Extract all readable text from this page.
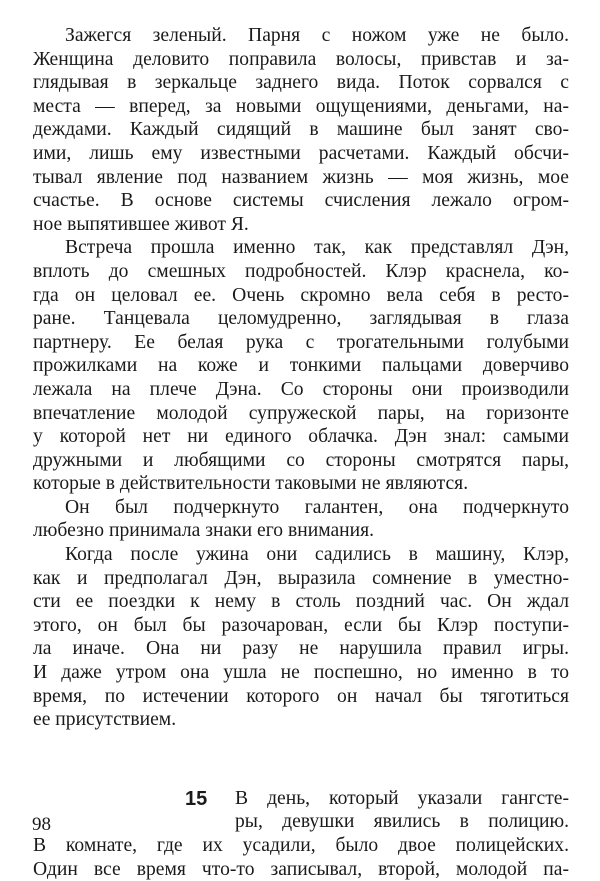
Зажегся зеленый. Парня с ножом уже не было.
Женщина деловито поправила волосы, привстав и за-
глядывая в зеркальце заднего вида. Поток сорвался с
места — вперед, за новыми ощущениями, деньгами, на-
деждами. Каждый сидящий в машине был занят сво-
ими, лишь ему известными расчетами. Каждый обсчи-
тывал явление под названием жизнь — моя жизнь, мое
счастье. В основе системы счисления лежало огром-
ное выпятившее живот Я.
Встреча прошла именно так, как представлял Дэн,
вплоть до смешных подробностей. Клэр краснела, ко-
гда он целовал ее. Очень скромно вела себя в ресто-
ране. Танцевала целомудренно, заглядывая в глаза
партнеру. Ее белая рука с трогательными голубыми
прожилками на коже и тонкими пальцами доверчиво
лежала на плече Дэна. Со стороны они производили
впечатление молодой супружеской пары, на горизонте
у которой нет ни единого облачка. Дэн знал: самыми
дружными и любящими со стороны смотрятся пары,
которые в действительности таковыми не являются.
Он был подчеркнуто галантен, она подчеркнуто
любезно принимала знаки его внимания.
Когда после ужина они садились в машину, Клэр,
как и предполагал Дэн, выразила сомнение в уместно-
сти ее поездки к нему в столь поздний час. Он ждал
этого, он был бы разочарован, если бы Клэр поступи-
ла иначе. Она ни разу не нарушила правил игры.
И даже утром она ушла не поспешно, но именно в то
время, по истечении которого он начал бы тяготиться
ее присутствием.
15 В день, который указали гангсте-
ры, девушки явились в полицию.
В комнате, где их усадили, было двое полицейских.
Один все время что-то записывал, второй, молодой па-
98
